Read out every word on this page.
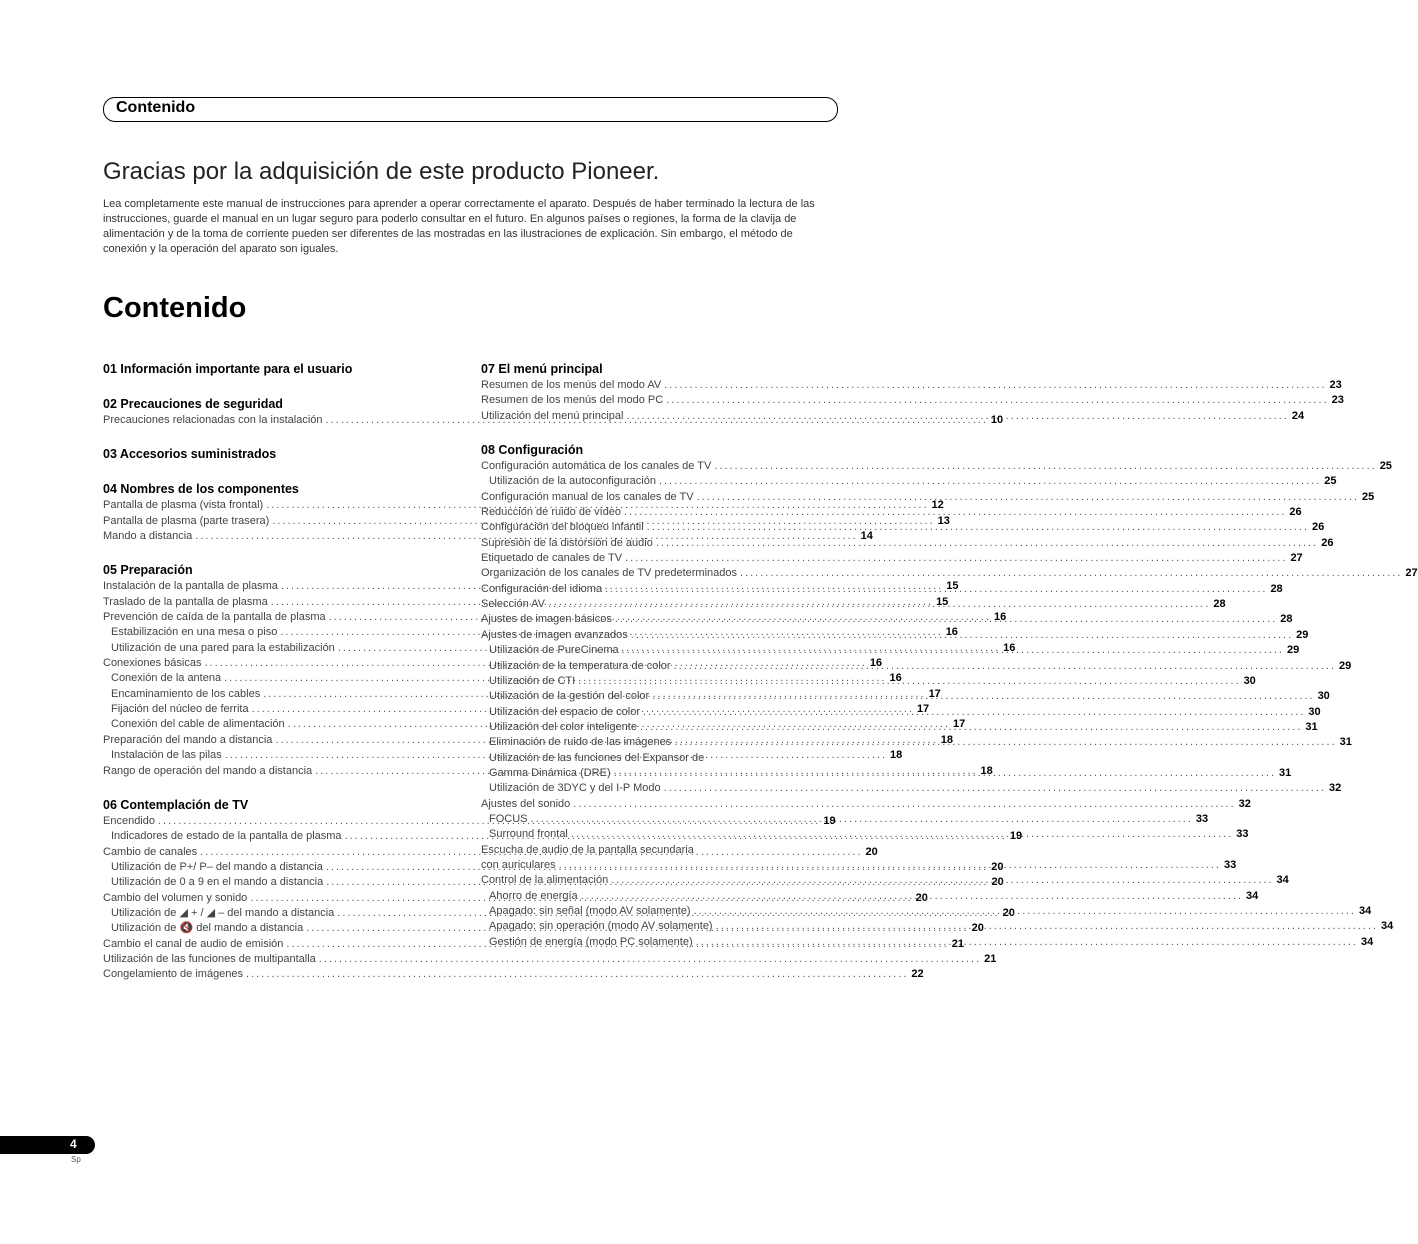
Contenido
Gracias por la adquisición de este producto Pioneer.
Lea completamente este manual de instrucciones para aprender a operar correctamente el aparato. Después de haber terminado la lectura de las instrucciones, guarde el manual en un lugar seguro para poderlo consultar en el futuro. En algunos países o regiones, la forma de la clavija de alimentación y de la toma de corriente pueden ser diferentes de las mostradas en las ilustraciones de explicación. Sin embargo, el método de conexión y la operación del aparato son iguales.
Contenido
01 Información importante para el usuario
02 Precauciones de seguridad
Precauciones relacionadas con la instalación .....	10
03 Accesorios suministrados
04 Nombres de los componentes
Pantalla de plasma (vista frontal) .....	12
Pantalla de plasma (parte trasera) .....	13
Mando a distancia .....	14
05 Preparación
Instalación de la pantalla de plasma .....	15
Traslado de la pantalla de plasma .....	15
Prevención de caída de la pantalla de plasma .....	16
Estabilización en una mesa o piso .....	16
Utilización de una pared para la estabilización .....	16
Conexiones básicas .....	16
Conexión de la antena .....	16
Encaminamiento de los cables .....	17
Fijación del núcleo de ferrita .....	17
Conexión del cable de alimentación .....	17
Preparación del mando a distancia .....	18
Instalación de las pilas .....	18
Rango de operación del mando a distancia .....	18
06 Contemplación de TV
Encendido .....	19
Indicadores de estado de la pantalla de plasma .....	19
Cambio de canales .....	20
Utilización de P+/ P– del mando a distancia .....	20
Utilización de 0 a 9 en el mando a distancia .....	20
Cambio del volumen y sonido .....	20
Utilización de ◢ + / ◢ – del mando a distancia .....	20
Utilización de 🔇 del mando a distancia .....	20
Cambio el canal de audio de emisión .....	21
Utilización de las funciones de multipantalla .....	21
Congelamiento de imágenes .....	22
07 El menú principal
Resumen de los menús del modo AV .....	23
Resumen de los menús del modo PC .....	23
Utilización del menú principal .....	24
08 Configuración
Configuración automática de los canales de TV .....	25
Utilización de la autoconfiguración .....	25
Configuración manual de los canales de TV .....	25
Reducción de ruido de vídeo .....	26
Configuración del bloqueo infantil .....	26
Supresión de la distorsión de audio .....	26
Etiquetado de canales de TV .....	27
Organización de los canales de TV predeterminados .....	27
Configuración del idioma .....	28
Selección AV .....	28
Ajustes de imagen básicos .....	28
Ajustes de imagen avanzados .....	29
Utilización de PureCinema .....	29
Utilización de la temperatura de color .....	29
Utilización de CTI .....	30
Utilización de la gestión del color .....	30
Utilización del espacio de color .....	30
Utilización del color inteligente .....	31
Eliminación de ruido de las imágenes .....	31
Utilización de las funciones del Expansor de
Gamma Dinámica (DRE) .....	31
Utilización de 3DYC y del I-P Modo .....	32
Ajustes del sonido .....	32
FOCUS .....	33
Surround frontal .....	33
Escucha de audio de la pantalla secundaria
con auriculares .....	33
Control de la alimentación .....	34
Ahorro de energía .....	34
Apagado: sin señal (modo AV solamente) .....	34
Apagado: sin operación (modo AV solamente) .....	34
Gestión de energía (modo PC solamente) .....	34
4
Sp
